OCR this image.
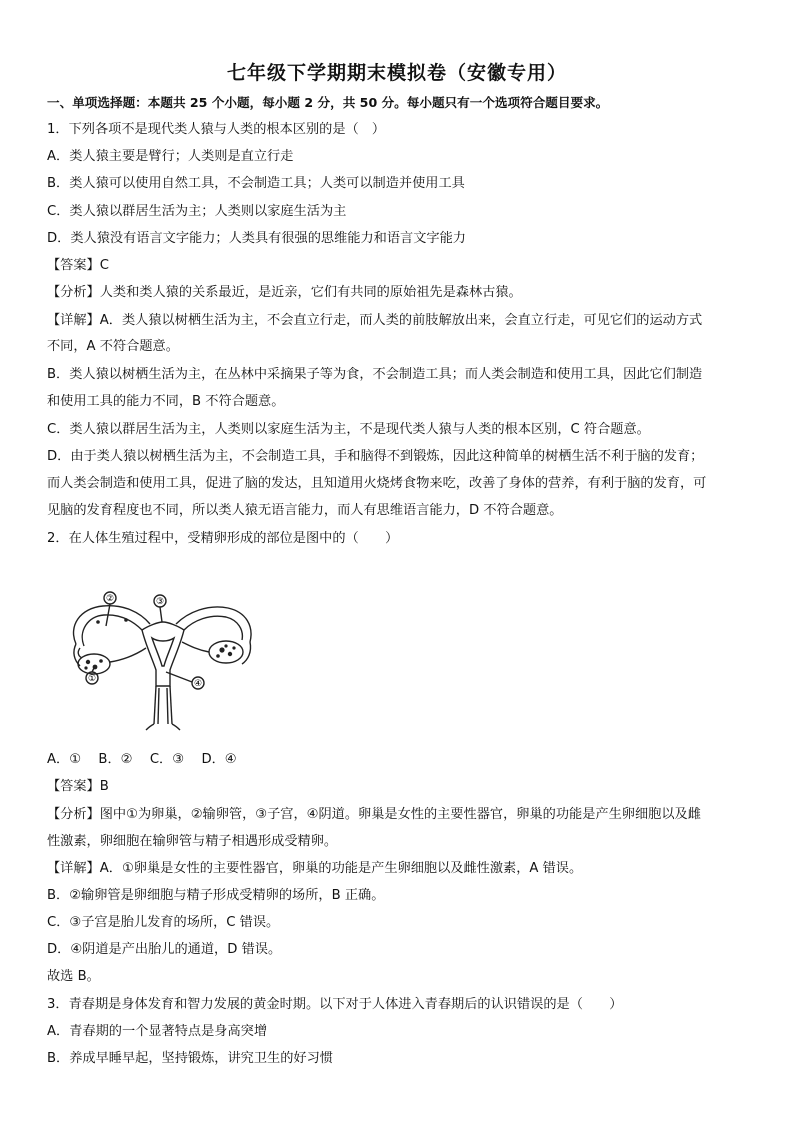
七年级下学期期末模拟卷（安徽专用）
一、单项选择题：本题共 25 个小题，每小题 2 分，共 50 分。每小题只有一个选项符合题目要求。
1．下列各项不是现代类人猿与人类的根本区别的是（　）
A．类人猿主要是臂行；人类则是直立行走
B．类人猿可以使用自然工具，不会制造工具；人类可以制造并使用工具
C．类人猿以群居生活为主；人类则以家庭生活为主
D．类人猿没有语言文字能力；人类具有很强的思维能力和语言文字能力
【答案】C
【分析】人类和类人猿的关系最近，是近亲，它们有共同的原始祖先是森林古猿。
【详解】A．类人猿以树栖生活为主，不会直立行走，而人类的前肢解放出来，会直立行走，可见它们的运动方式
不同，A 不符合题意。
B．类人猿以树栖生活为主，在丛林中采摘果子等为食，不会制造工具；而人类会制造和使用工具，因此它们制造
和使用工具的能力不同，B 不符合题意。
C．类人猿以群居生活为主，人类则以家庭生活为主，不是现代类人猿与人类的根本区别，C 符合题意。
D．由于类人猿以树栖生活为主，不会制造工具，手和脑得不到锻炼，因此这种简单的树栖生活不利于脑的发育；
而人类会制造和使用工具，促进了脑的发达，且知道用火烧烤食物来吃，改善了身体的营养，有利于脑的发育，可
见脑的发育程度也不同，所以类人猿无语言能力，而人有思维语言能力，D 不符合题意。
2．在人体生殖过程中，受精卵形成的部位是图中的（　　）
①
②	③
④
A．①　 B．②　 C．③　 D．④
【答案】B
【分析】图中①为卵巢，②输卵管，③子宫，④阴道。卵巢是女性的主要性器官，卵巢的功能是产生卵细胞以及雌
性激素，卵细胞在输卵管与精子相遇形成受精卵。
【详解】A．①卵巢是女性的主要性器官，卵巢的功能是产生卵细胞以及雌性激素，A 错误。
B．②输卵管是卵细胞与精子形成受精卵的场所，B 正确。
C．③子宫是胎儿发育的场所，C 错误。
D．④阴道是产出胎儿的通道，D 错误。
故选 B。
3．青春期是身体发育和智力发展的黄金时期。以下对于人体进入青春期后的认识错误的是（　　）
A．青春期的一个显著特点是身高突增
B．养成早睡早起，坚持锻炼，讲究卫生的好习惯
